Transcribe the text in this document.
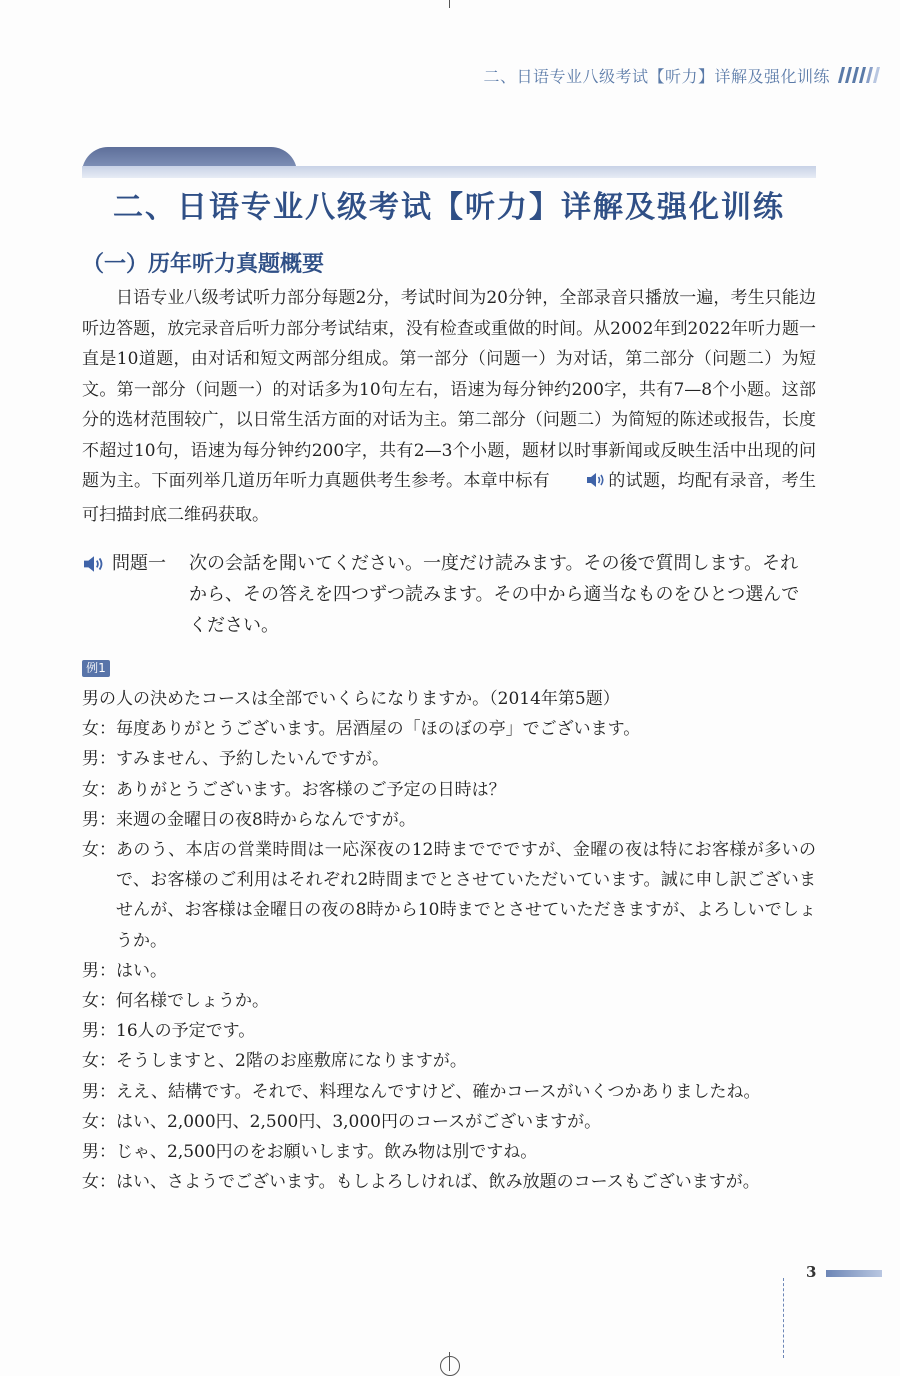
二、日语专业八级考试【听力】详解及强化训练
二、日语专业八级考试【听力】详解及强化训练
（一）历年听力真题概要

日语专业八级考试听力部分每题2分，考试时间为20分钟，全部录音只播放一遍，考生只能边听边答题，放完录音后听力部分考试结束，没有检查或重做的时间。从2002年到2022年听力题一直是10道题，由对话和短文两部分组成。第一部分（问题一）为对话，第二部分（问题二）为短文。第一部分（问题一）的对话多为10句左右，语速为每分钟约200字，共有7—8个小题。这部分的选材范围较广，以日常生活方面的对话为主。第二部分（问题二）为简短的陈述或报告，长度不超过10句，语速为每分钟约200字，共有2—3个小题，题材以时事新闻或反映生活中出现的问题为主。下面列举几道历年听力真题供考生参考。本章中标有	的试题，均配有录音，考生可扫描封底二维码获取。

問題一 次の会話を聞いてください。一度だけ読みます。その後で質問します。それから、その答えを四つずつ読みます。その中から適当なものをひとつ選んでください。

例1

男の人の決めたコースは全部でいくらになりますか。（2014年第5题）

女： 毎度ありがとうございます。居酒屋の「ほのぼの亭」でございます。

男： すみません、予約したいんですが。

女： ありがとうございます。お客様のご予定の日時は？

男： 来週の金曜日の夜8時からなんですが。

女： あのう、本店の営業時間は一応深夜の12時まででですが、金曜の夜は特にお客様が多いので、お客様のご利用はそれぞれ2時間までとさせていただいています。誠に申し訳ございませんが、お客様は金曜日の夜の8時から10時までとさせていただきますが、よろしいでしょうか。

男： はい。

女： 何名様でしょうか。

男： 16人の予定です。

女： そうしますと、2階のお座敷席になりますが。

男： ええ、結構です。それで、料理なんですけど、確かコースがいくつかありましたね。

女： はい、2,000円、2,500円、3,000円のコースがございますが。

男： じゃ、2,500円のをお願いします。飲み物は別ですね。

女： はい、さようでございます。もしよろしければ、飲み放題のコースもございますが。

3
